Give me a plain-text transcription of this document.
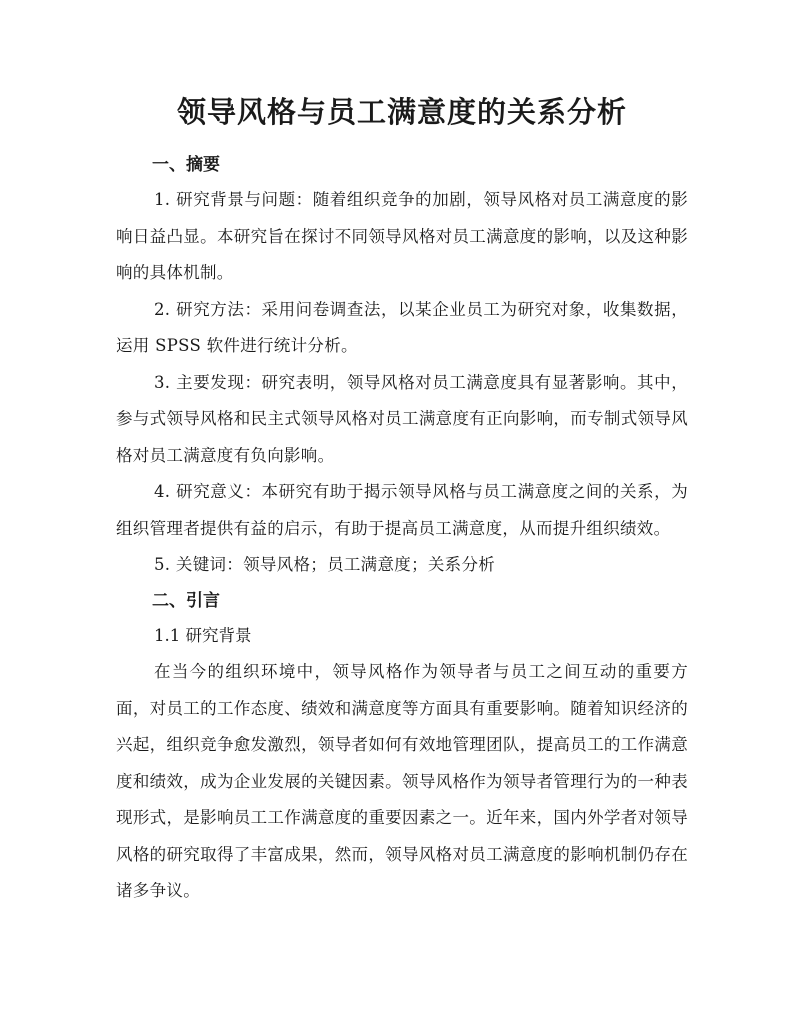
领导风格与员工满意度的关系分析
一、摘要

1. 研究背景与问题：随着组织竞争的加剧，领导风格对员工满意度的影响日益凸显。本研究旨在探讨不同领导风格对员工满意度的影响，以及这种影响的具体机制。

2. 研究方法：采用问卷调查法，以某企业员工为研究对象，收集数据，运用 SPSS 软件进行统计分析。

3. 主要发现：研究表明，领导风格对员工满意度具有显著影响。其中，参与式领导风格和民主式领导风格对员工满意度有正向影响，而专制式领导风格对员工满意度有负向影响。

4. 研究意义：本研究有助于揭示领导风格与员工满意度之间的关系，为组织管理者提供有益的启示，有助于提高员工满意度，从而提升组织绩效。

5. 关键词：领导风格；员工满意度；关系分析

二、引言

1.1 研究背景

在当今的组织环境中，领导风格作为领导者与员工之间互动的重要方面，对员工的工作态度、绩效和满意度等方面具有重要影响。随着知识经济的兴起，组织竞争愈发激烈，领导者如何有效地管理团队，提高员工的工作满意度和绩效，成为企业发展的关键因素。领导风格作为领导者管理行为的一种表现形式，是影响员工工作满意度的重要因素之一。近年来，国内外学者对领导风格的研究取得了丰富成果，然而，领导风格对员工满意度的影响机制仍存在诸多争议。
